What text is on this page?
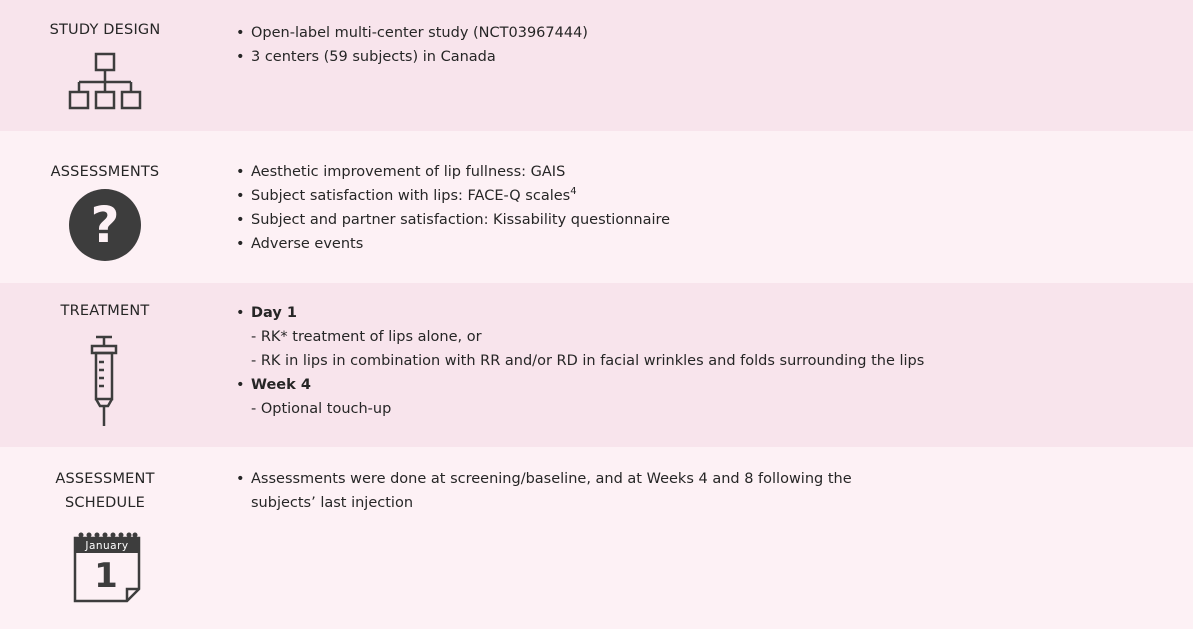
STUDY DESIGN	• Open-label multi-center study (NCT03967444)
• 3 centers (59 subjects) in Canada
ASSESSMENTS
?
• Aesthetic improvement of lip fullness: GAIS
• Subject satisfaction with lips: FACE-Q scales$^4$
• Subject and partner satisfaction: Kissability questionnaire
• Adverse events
TREATMENT	• Day 1
- RK* treatment of lips alone, or
- RK in lips in combination with RR and/or RD in facial wrinkles and folds surrounding the lips
• Week 4
- Optional touch-up
ASSESSMENT
SCHEDULE
January
1
• Assessments were done at screening/baseline, and at Weeks 4 and 8 following the
subjects’ last injection
